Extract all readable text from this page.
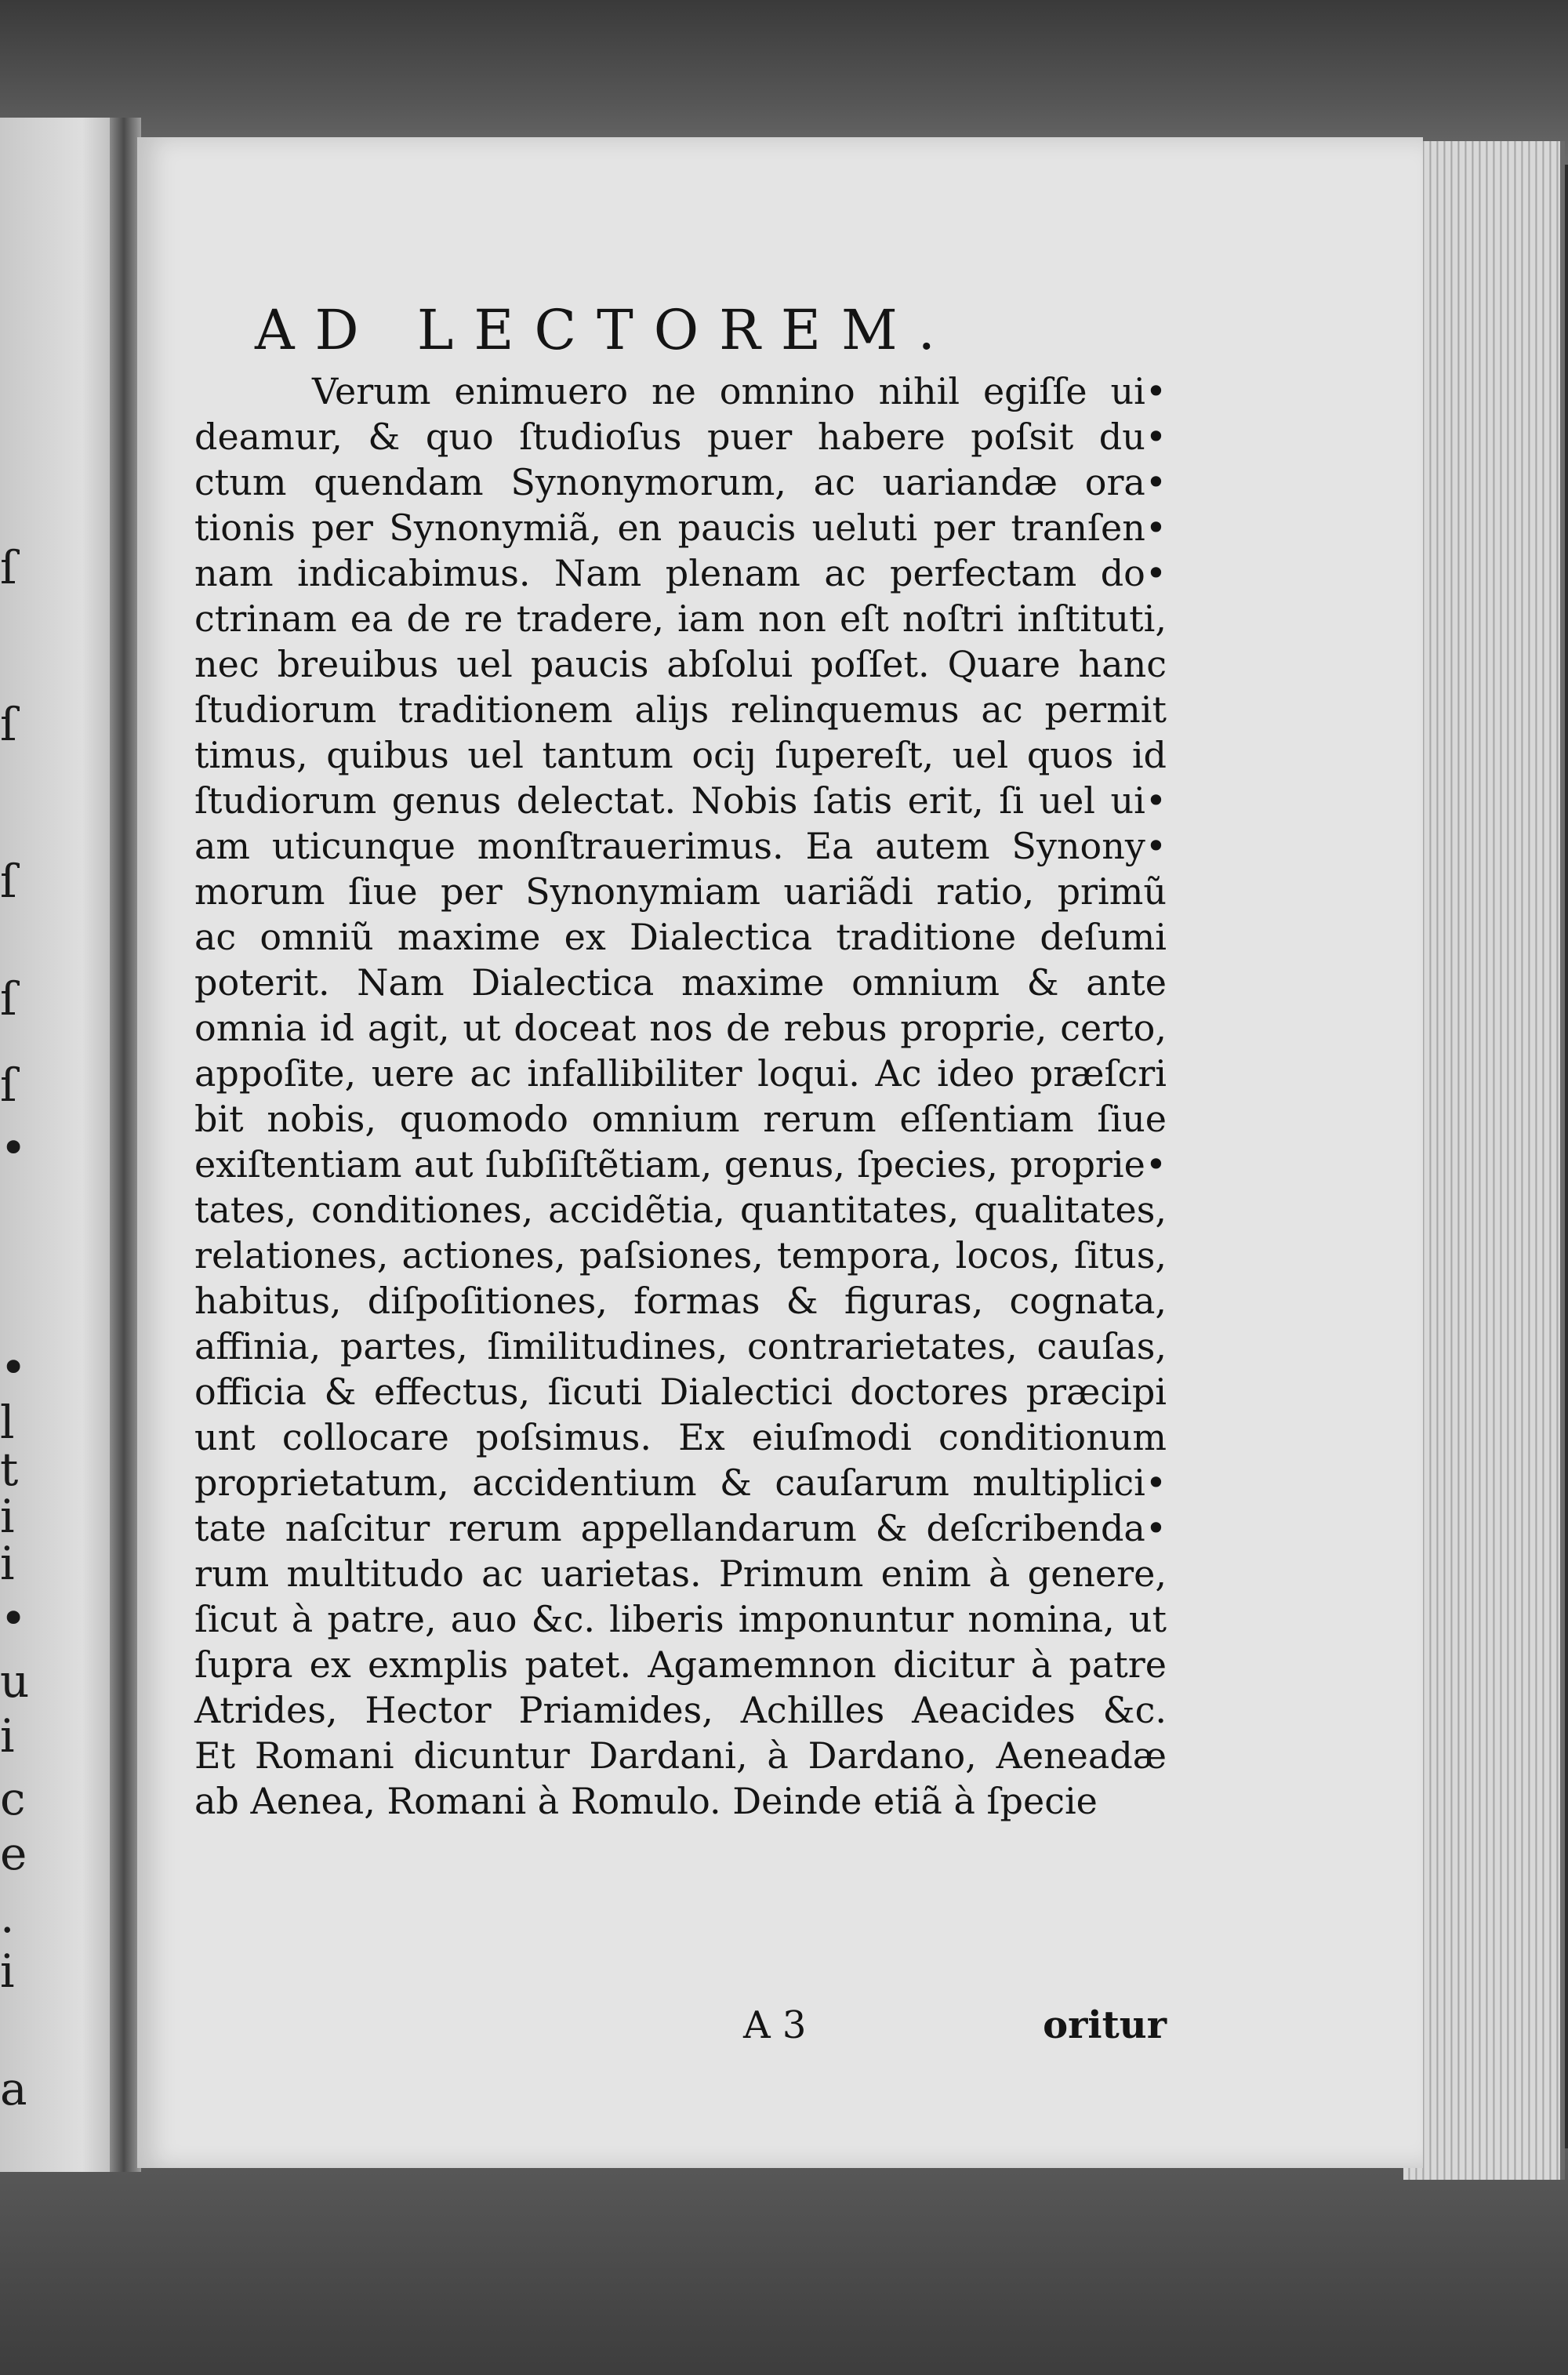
ſ
ſ
ſ
ſ
ſ
•
•
l
t
i
i
•
u
i
c
e
.
i
a
AD LECTOREM.
Verum enimuero ne omnino nihil egiſſe ui•
deamur, & quo ſtudioſus puer habere poſsit du•
ctum quendam Synonymorum, ac uariandæ ora•
tionis per Synonymiã, en paucis ueluti per tranſen•
nam indicabimus. Nam plenam ac perfectam do•
ctrinam ea de re tradere, iam non eſt noſtri inſtituti,
nec breuibus uel paucis abſolui poſſet. Quare hanc
ſtudiorum traditionem aliȷs relinquemus ac permit
timus, quibus uel tantum ociȷ ſupereſt, uel quos id
ſtudiorum genus delectat. Nobis ſatis erit, ſi uel ui•
am uticunque monſtrauerimus. Ea autem Synony•
morum ſiue per Synonymiam uariãdi ratio, primũ
ac omniũ maxime ex Dialectica traditione deſumi
poterit. Nam Dialectica maxime omnium & ante
omnia id agit, ut doceat nos de rebus proprie, certo,
appoſite, uere ac infallibiliter loqui. Ac ideo præſcri
bit nobis, quomodo omnium rerum eſſentiam ſiue
exiſtentiam aut ſubſiſtẽtiam, genus, ſpecies, proprie•
tates, conditiones, accidẽtia, quantitates, qualitates,
relationes, actiones, paſsiones, tempora, locos, ſitus,
habitus, diſpoſitiones, formas & figuras, cognata,
affinia, partes, ſimilitudines, contrarietates, cauſas,
officia & effectus, ſicuti Dialectici doctores præcipi
unt collocare poſsimus. Ex eiuſmodi conditionum
proprietatum, accidentium & cauſarum multiplici•
tate naſcitur rerum appellandarum & deſcribenda•
rum multitudo ac uarietas. Primum enim à genere,
ſicut à patre, auo &c. liberis imponuntur nomina, ut
ſupra ex exmplis patet. Agamemnon dicitur à patre
Atrides, Hector Priamides, Achilles Aeacides &c.
Et Romani dicuntur Dardani, à Dardano, Aeneadæ
ab Aenea, Romani à Romulo. Deinde etiã à ſpecie
A 3	oritur
